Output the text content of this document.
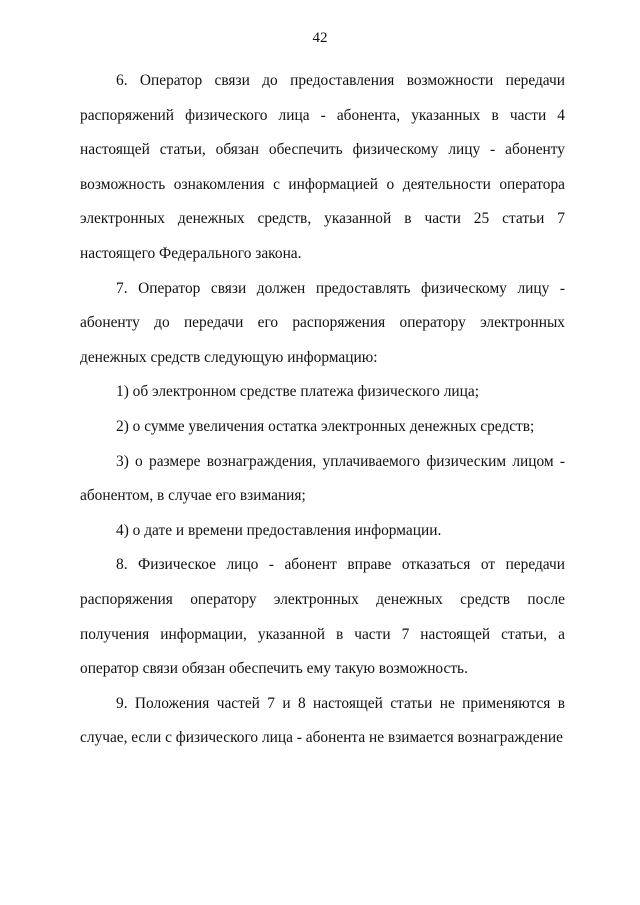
42

6. Оператор связи до предоставления возможности передачи распоряжений физического лица - абонента, указанных в части 4 настоящей статьи, обязан обеспечить физическому лицу - абоненту возможность ознакомления с информацией о деятельности оператора электронных денежных средств, указанной в части 25 статьи 7 настоящего Федерального закона.

7. Оператор связи должен предоставлять физическому лицу - абоненту до передачи его распоряжения оператору электронных денежных средств следующую информацию:

1) об электронном средстве платежа физического лица;

2) о сумме увеличения остатка электронных денежных средств;

3) о размере вознаграждения, уплачиваемого физическим лицом - абонентом, в случае его взимания;

4) о дате и времени предоставления информации.

8. Физическое лицо - абонент вправе отказаться от передачи распоряжения оператору электронных денежных средств после получения информации, указанной в части 7 настоящей статьи, а оператор связи обязан обеспечить ему такую возможность.

9. Положения частей 7 и 8 настоящей статьи не применяются в случае, если с физического лица - абонента не взимается вознаграждение
